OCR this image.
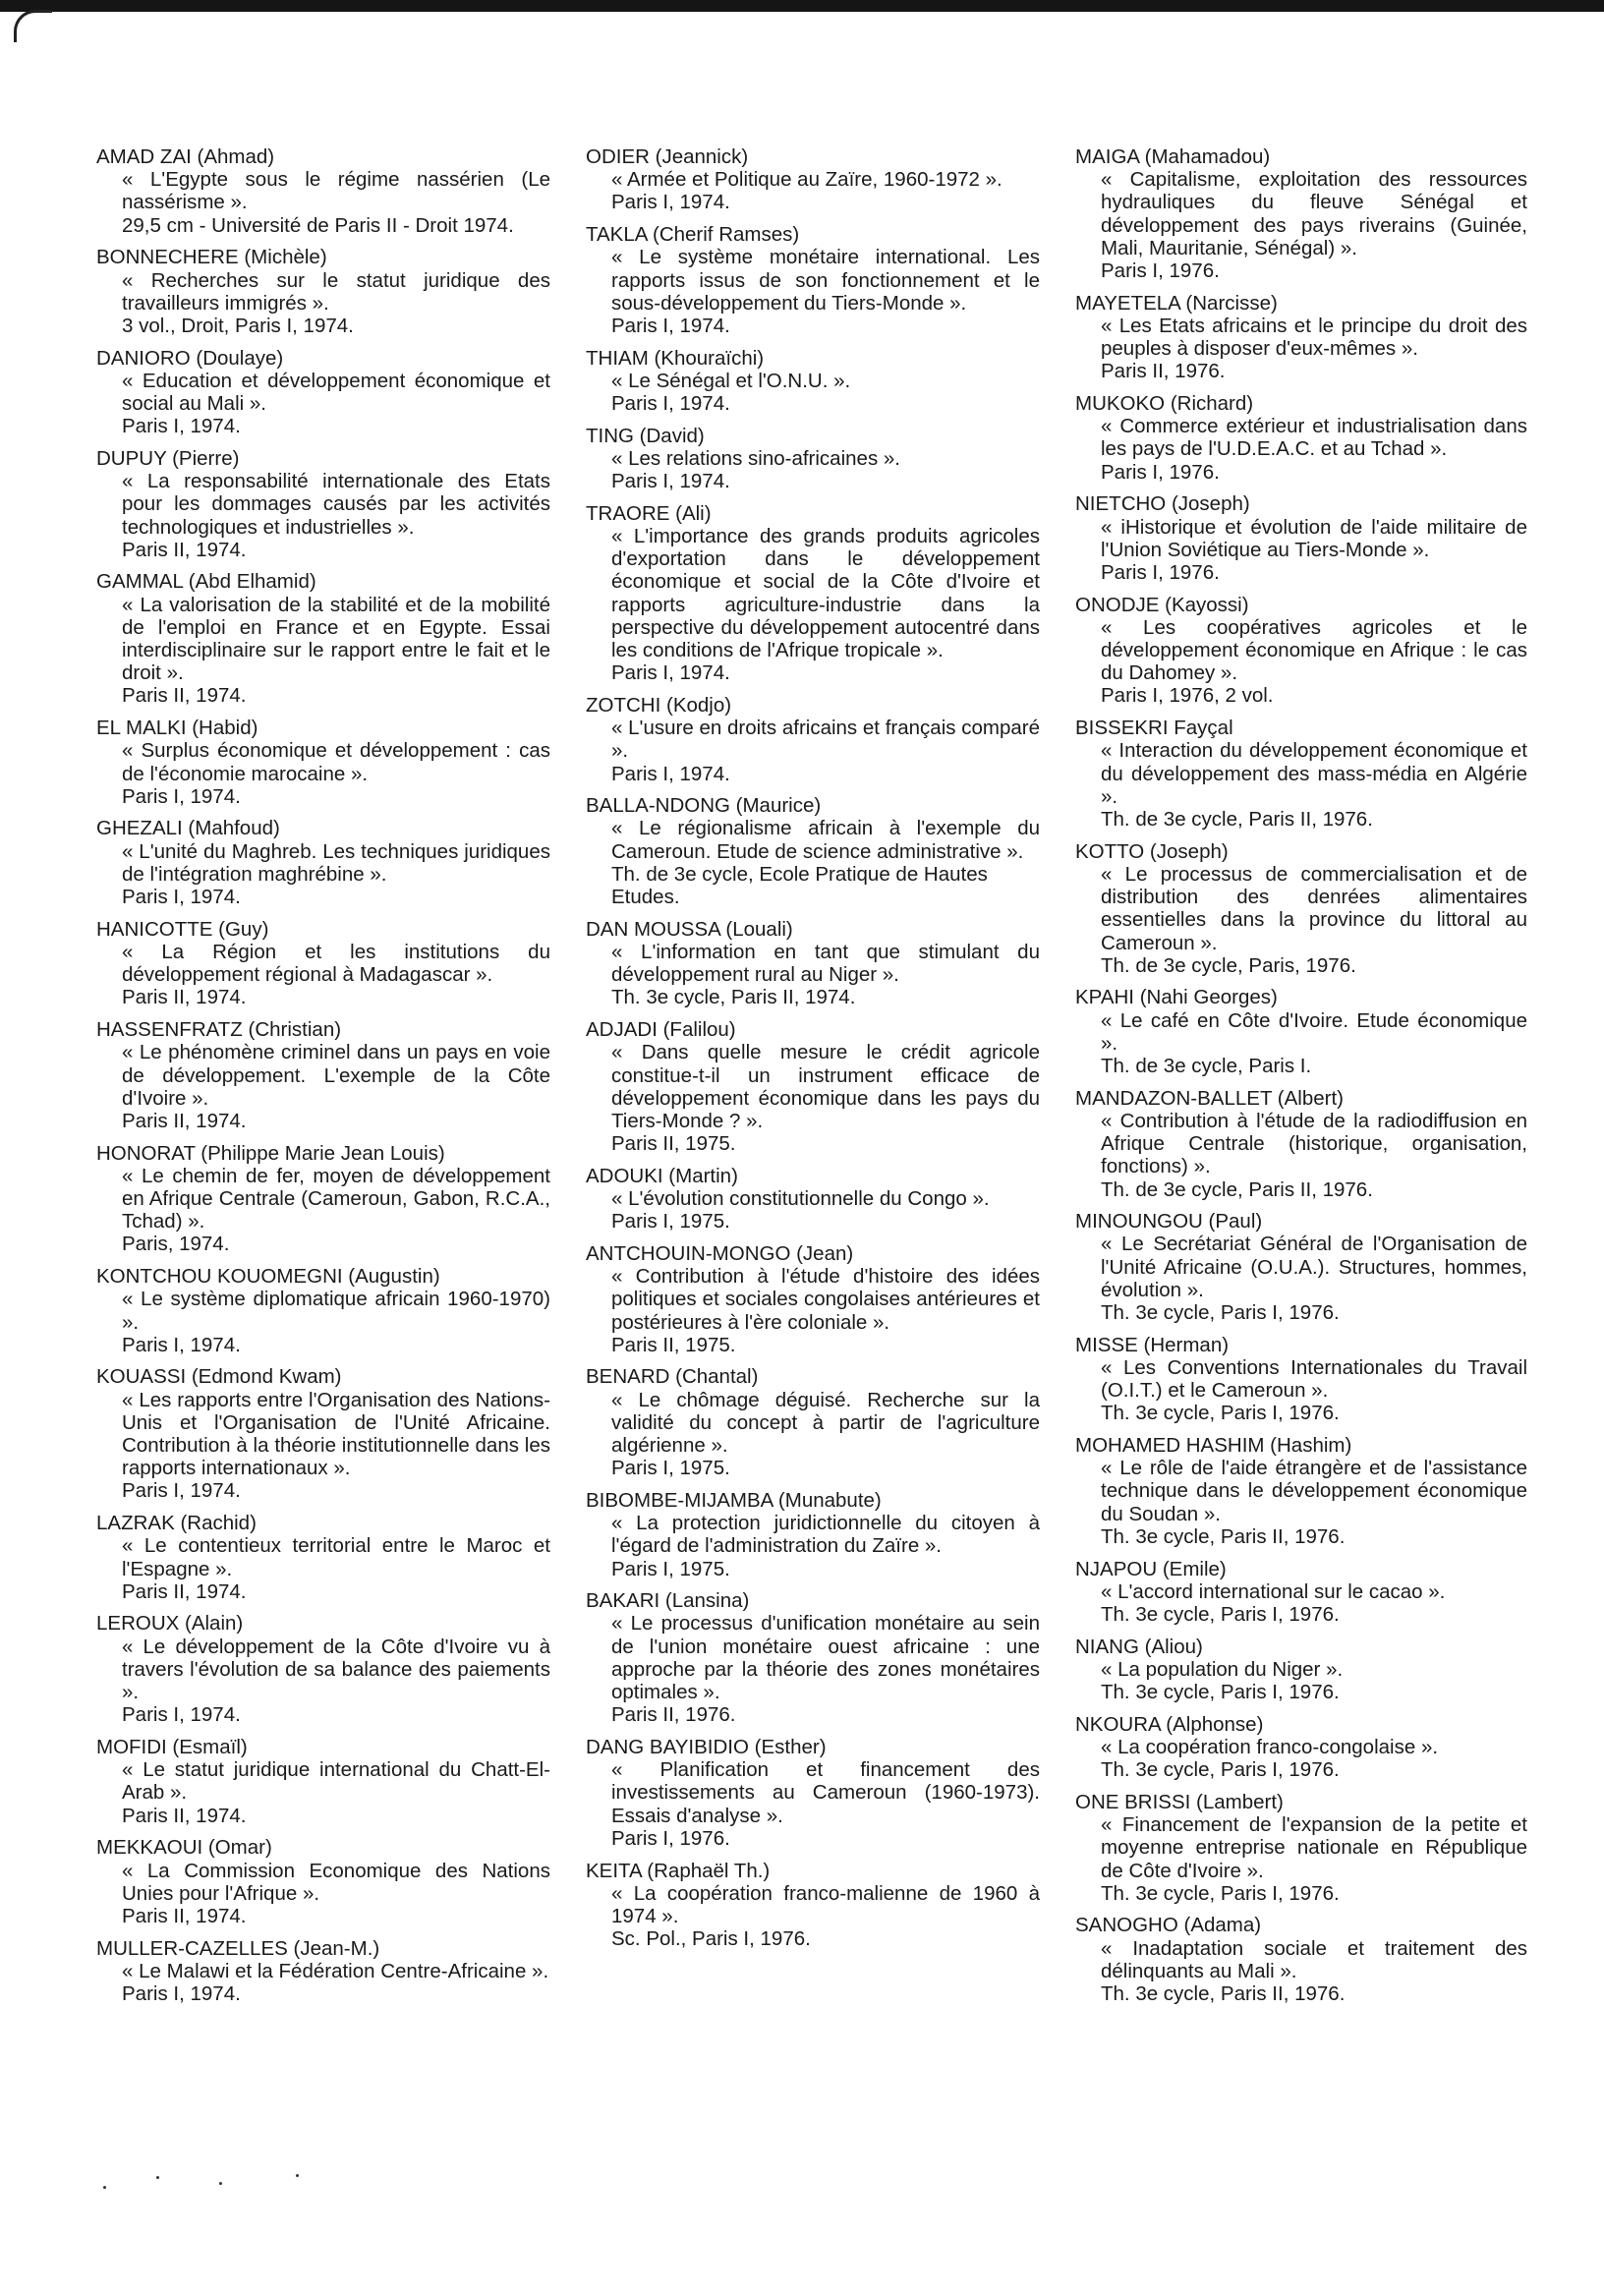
AMAD ZAI (Ahmad)
« L'Egypte sous le régime nassérien (Le nassérisme ».
29,5 cm - Université de Paris II - Droit 1974.
BONNECHERE (Michèle)
« Recherches sur le statut juridique des travailleurs immigrés ».
3 vol., Droit, Paris I, 1974.
DANIORO (Doulaye)
« Education et développement économique et social au Mali ».
Paris I, 1974.
DUPUY (Pierre)
« La responsabilité internationale des Etats pour les dommages causés par les activités technologiques et industrielles ».
Paris II, 1974.
GAMMAL (Abd Elhamid)
« La valorisation de la stabilité et de la mobilité de l'emploi en France et en Egypte. Essai interdisciplinaire sur le rapport entre le fait et le droit ».
Paris II, 1974.
EL MALKI (Habid)
« Surplus économique et développement : cas de l'économie marocaine ».
Paris I, 1974.
GHEZALI (Mahfoud)
« L'unité du Maghreb. Les techniques juridiques de l'intégration maghrébine ».
Paris I, 1974.
HANICOTTE (Guy)
« La Région et les institutions du développement régional à Madagascar ».
Paris II, 1974.
HASSENFRATZ (Christian)
« Le phénomène criminel dans un pays en voie de développement. L'exemple de la Côte d'Ivoire ».
Paris II, 1974.
HONORAT (Philippe Marie Jean Louis)
« Le chemin de fer, moyen de développement en Afrique Centrale (Cameroun, Gabon, R.C.A., Tchad) ».
Paris, 1974.
KONTCHOU KOUOMEGNI (Augustin)
« Le système diplomatique africain 1960-1970) ».
Paris I, 1974.
KOUASSI (Edmond Kwam)
« Les rapports entre l'Organisation des Nations-Unis et l'Organisation de l'Unité Africaine. Contribution à la théorie institutionnelle dans les rapports internationaux ».
Paris I, 1974.
LAZRAK (Rachid)
« Le contentieux territorial entre le Maroc et l'Espagne ».
Paris II, 1974.
LEROUX (Alain)
« Le développement de la Côte d'Ivoire vu à travers l'évolution de sa balance des paiements ».
Paris I, 1974.
MOFIDI (Esmaïl)
« Le statut juridique international du Chatt-El-Arab ».
Paris II, 1974.
MEKKAOUI (Omar)
« La Commission Economique des Nations Unies pour l'Afrique ».
Paris II, 1974.
MULLER-CAZELLES (Jean-M.)
« Le Malawi et la Fédération Centre-Africaine ».
Paris I, 1974.
ODIER (Jeannick)
« Armée et Politique au Zaïre, 1960-1972 ».
Paris I, 1974.
TAKLA (Cherif Ramses)
« Le système monétaire international. Les rapports issus de son fonctionnement et le sous-développement du Tiers-Monde ».
Paris I, 1974.
THIAM (Khouraïchi)
« Le Sénégal et l'O.N.U. ».
Paris I, 1974.
TING (David)
« Les relations sino-africaines ».
Paris I, 1974.
TRAORE (Ali)
« L'importance des grands produits agricoles d'exportation dans le développement économique et social de la Côte d'Ivoire et rapports agriculture-industrie dans la perspective du développement autocentré dans les conditions de l'Afrique tropicale ».
Paris I, 1974.
ZOTCHI (Kodjo)
« L'usure en droits africains et français comparé ».
Paris I, 1974.
BALLA-NDONG (Maurice)
« Le régionalisme africain à l'exemple du Cameroun. Etude de science administrative ».
Th. de 3e cycle, Ecole Pratique de Hautes Etudes.
DAN MOUSSA (Louali)
« L'information en tant que stimulant du développement rural au Niger ».
Th. 3e cycle, Paris II, 1974.
ADJADI (Falilou)
« Dans quelle mesure le crédit agricole constitue-t-il un instrument efficace de développement économique dans les pays du Tiers-Monde ? ».
Paris II, 1975.
ADOUKI (Martin)
« L'évolution constitutionnelle du Congo ».
Paris I, 1975.
ANTCHOUIN-MONGO (Jean)
« Contribution à l'étude d'histoire des idées politiques et sociales congolaises antérieures et postérieures à l'ère coloniale ».
Paris II, 1975.
BENARD (Chantal)
« Le chômage déguisé. Recherche sur la validité du concept à partir de l'agriculture algérienne ».
Paris I, 1975.
BIBOMBE-MIJAMBA (Munabute)
« La protection juridictionnelle du citoyen à l'égard de l'administration du Zaïre ».
Paris I, 1975.
BAKARI (Lansina)
« Le processus d'unification monétaire au sein de l'union monétaire ouest africaine : une approche par la théorie des zones monétaires optimales ».
Paris II, 1976.
DANG BAYIBIDIO (Esther)
« Planification et financement des investissements au Cameroun (1960-1973). Essais d'analyse ».
Paris I, 1976.
KEITA (Raphaël Th.)
« La coopération franco-malienne de 1960 à 1974 ».
Sc. Pol., Paris I, 1976.
MAIGA (Mahamadou)
« Capitalisme, exploitation des ressources hydrauliques du fleuve Sénégal et développement des pays riverains (Guinée, Mali, Mauritanie, Sénégal) ».
Paris I, 1976.
MAYETELA (Narcisse)
« Les Etats africains et le principe du droit des peuples à disposer d'eux-mêmes ».
Paris II, 1976.
MUKOKO (Richard)
« Commerce extérieur et industrialisation dans les pays de l'U.D.E.A.C. et au Tchad ».
Paris I, 1976.
NIETCHO (Joseph)
« iHistorique et évolution de l'aide militaire de l'Union Soviétique au Tiers-Monde ».
Paris I, 1976.
ONODJE (Kayossi)
« Les coopératives agricoles et le développement économique en Afrique : le cas du Dahomey ».
Paris I, 1976, 2 vol.
BISSEKRI Fayçal
« Interaction du développement économique et du développement des mass-média en Algérie ».
Th. de 3e cycle, Paris II, 1976.
KOTTO (Joseph)
« Le processus de commercialisation et de distribution des denrées alimentaires essentielles dans la province du littoral au Cameroun ».
Th. de 3e cycle, Paris, 1976.
KPAHI (Nahi Georges)
« Le café en Côte d'Ivoire. Etude économique ».
Th. de 3e cycle, Paris I.
MANDAZON-BALLET (Albert)
« Contribution à l'étude de la radiodiffusion en Afrique Centrale (historique, organisation, fonctions) ».
Th. de 3e cycle, Paris II, 1976.
MINOUNGOU (Paul)
« Le Secrétariat Général de l'Organisation de l'Unité Africaine (O.U.A.). Structures, hommes, évolution ».
Th. 3e cycle, Paris I, 1976.
MISSE (Herman)
« Les Conventions Internationales du Travail (O.I.T.) et le Cameroun ».
Th. 3e cycle, Paris I, 1976.
MOHAMED HASHIM (Hashim)
« Le rôle de l'aide étrangère et de l'assistance technique dans le développement économique du Soudan ».
Th. 3e cycle, Paris II, 1976.
NJAPOU (Emile)
« L'accord international sur le cacao ».
Th. 3e cycle, Paris I, 1976.
NIANG (Aliou)
« La population du Niger ».
Th. 3e cycle, Paris I, 1976.
NKOURA (Alphonse)
« La coopération franco-congolaise ».
Th. 3e cycle, Paris I, 1976.
ONE BRISSI (Lambert)
« Financement de l'expansion de la petite et moyenne entreprise nationale en République de Côte d'Ivoire ».
Th. 3e cycle, Paris I, 1976.
SANOGHO (Adama)
« Inadaptation sociale et traitement des délinquants au Mali ».
Th. 3e cycle, Paris II, 1976.
